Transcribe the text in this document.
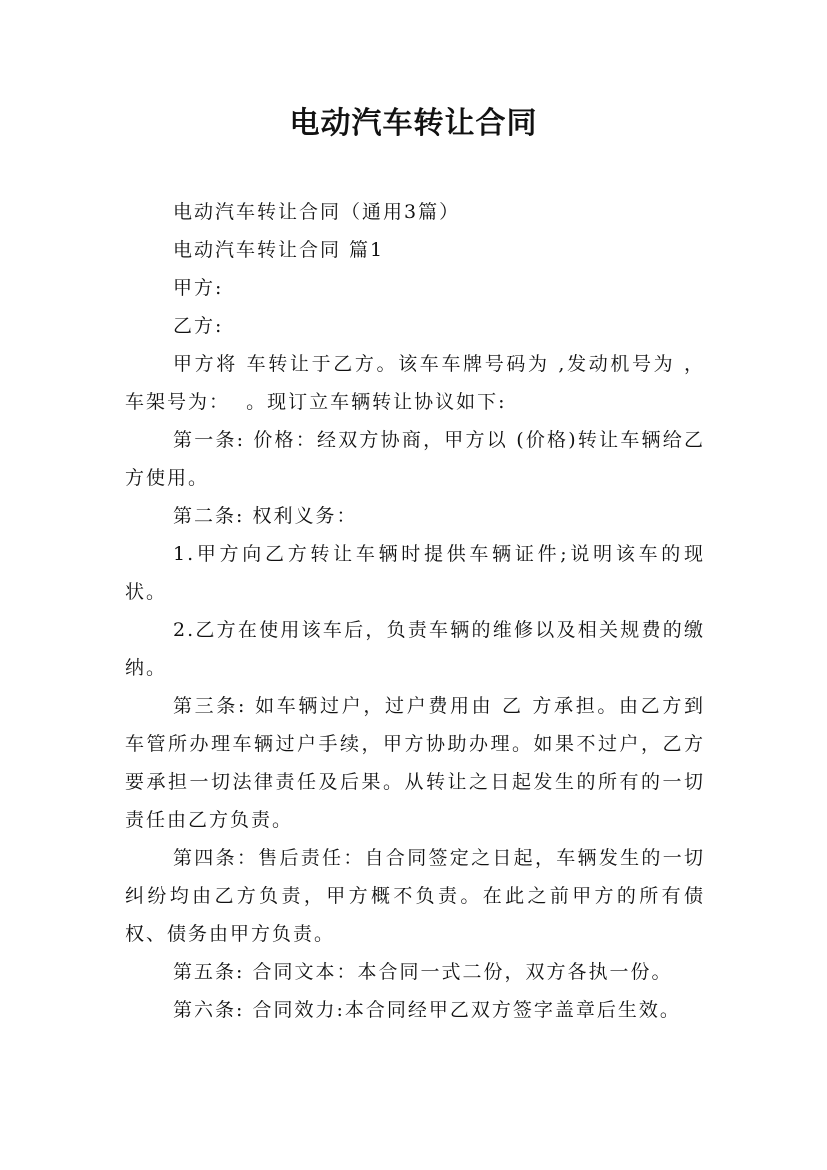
电动汽车转让合同

电动汽车转让合同（通用3篇）

电动汽车转让合同 篇1

甲方:

乙方:

甲方将 车转让于乙方。该车车牌号码为 ,发动机号为 ，车架号为：  。现订立车辆转让协议如下:

第一条: 价格：经双方协商，甲方以 (价格)转让车辆给乙方使用。

第二条: 权利义务：

1.甲方向乙方转让车辆时提供车辆证件;说明该车的现状。

2.乙方在使用该车后，负责车辆的维修以及相关规费的缴纳。

第三条: 如车辆过户，过户费用由 乙 方承担。由乙方到车管所办理车辆过户手续，甲方协助办理。如果不过户，乙方要承担一切法律责任及后果。从转让之日起发生的所有的一切责任由乙方负责。

第四条：售后责任：自合同签定之日起，车辆发生的一切纠纷均由乙方负责，甲方概不负责。在此之前甲方的所有债权、债务由甲方负责。

第五条: 合同文本：本合同一式二份，双方各执一份。

第六条: 合同效力:本合同经甲乙双方签字盖章后生效。
